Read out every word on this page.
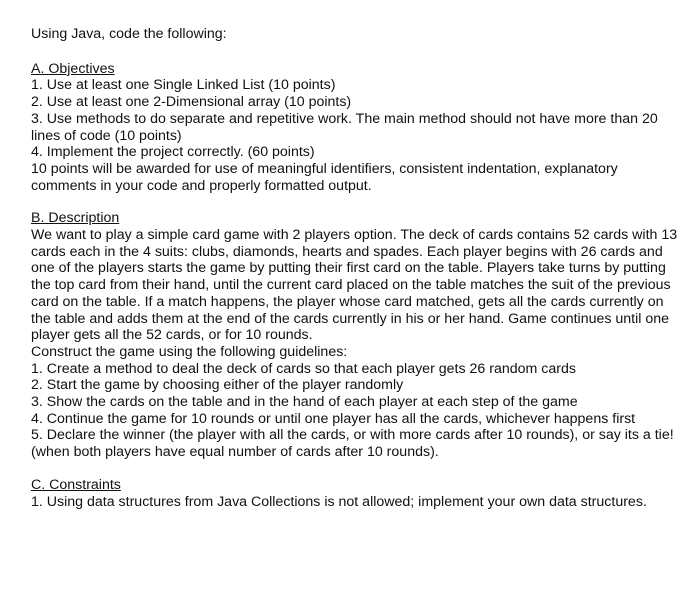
Using Java, code the following:

A. Objectives
1. Use at least one Single Linked List (10 points)
2. Use at least one 2-Dimensional array (10 points)
3. Use methods to do separate and repetitive work. The main method should not have more than 20 lines of code (10 points)
4. Implement the project correctly. (60 points)

10 points will be awarded for use of meaningful identifiers, consistent indentation, explanatory comments in your code and properly formatted output.

B. Description

We want to play a simple card game with 2 players option. The deck of cards contains 52 cards with 13 cards each in the 4 suits: clubs, diamonds, hearts and spades. Each player begins with 26 cards and one of the players starts the game by putting their first card on the table. Players take turns by putting the top card from their hand, until the current card placed on the table matches the suit of the previous card on the table. If a match happens, the player whose card matched, gets all the cards currently on the table and adds them at the end of the cards currently in his or her hand. Game continues until one player gets all the 52 cards, or for 10 rounds.

Construct the game using the following guidelines:

1. Create a method to deal the deck of cards so that each player gets 26 random cards
2. Start the game by choosing either of the player randomly
3. Show the cards on the table and in the hand of each player at each step of the game
4. Continue the game for 10 rounds or until one player has all the cards, whichever happens first
5. Declare the winner (the player with all the cards, or with more cards after 10 rounds), or say its a tie! (when both players have equal number of cards after 10 rounds).
C. Constraints
1. Using data structures from Java Collections is not allowed; implement your own data structures.
